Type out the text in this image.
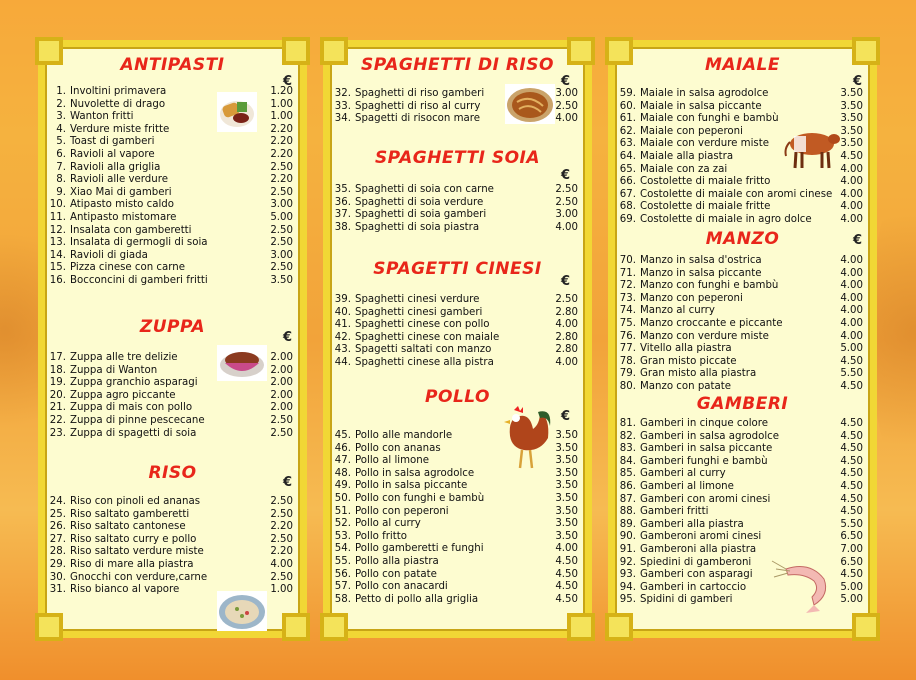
ANTIPASTI
€
1. Involtini primavera	1.20
2. Nuvolette di drago	1.00
3. Wanton fritti	1.00
4. Verdure miste fritte	2.20
5. Toast di gamberi	2.20
6. Ravioli al vapore	2.20
7. Ravioli alla griglia	2.50
8. Ravioli alle verdure	2.20
9. Xiao Mai di gamberi	2.50
10. Atipasto misto caldo	3.00
11. Antipasto mistomare	5.00
12. Insalata con gamberetti	2.50
13. Insalata di germogli di soia	2.50
14. Ravioli di giada	3.00
15. Pizza cinese con carne	2.50
16. Bocconcini di gamberi fritti	3.50
ZUPPA
€
17. Zuppa alle tre delizie	2.00
18. Zuppa di Wanton	2.00
19. Zuppa granchio asparagi	2.00
20. Zuppa agro piccante	2.00
21. Zuppa di mais con pollo	2.00
22. Zuppa di pinne pescecane	2.50
23. Zuppa di spagetti di soia	2.50
RISO	€
24. Riso con pinoli ed ananas	2.50
25. Riso saltato gamberetti	2.50
26. Riso saltato cantonese	2.20
27. Riso saltato curry e pollo	2.50
28. Riso saltato verdure miste	2.20
29. Riso di mare alla piastra	4.00
30. Gnocchi con verdure,carne	2.50
31. Riso bianco al vapore	1.00
SPAGHETTI DI RISO
€
32. Spaghetti di riso gamberi	3.00
33. Spaghetti di riso al curry	2.50
34. Spagetti di risocon mare	4.00
SPAGHETTI SOIA
€
35. Spaghetti di soia con carne	2.50
36. Spaghetti di soia verdure	2.50
37. Spaghetti di soia gamberi	3.00
38. Spaghetti di soia piastra	4.00
SPAGETTI CINESI
€
39. Spaghetti cinesi verdure	2.50
40. Spaghetti cinesi gamberi	2.80
41. Spaghetti cinese con pollo	4.00
42. Spaghetti cinese con maiale	2.80
43. Spagetti saltati con manzo	2.80
44. Spaghetti cinese alla pistra	4.00
POLLO
€
45. Pollo alle mandorle	3.50
46. Pollo con ananas	3.50
47. Pollo al limone	3.50
48. Pollo in salsa agrodolce	3.50
49. Pollo in salsa piccante	3.50
50. Pollo con funghi e bambù	3.50
51. Pollo con peperoni	3.50
52. Pollo al curry	3.50
53. Pollo fritto	3.50
54. Pollo gamberetti e funghi	4.00
55. Pollo alla piastra	4.50
56. Pollo con patate	4.50
57. Pollo con anacardi	4.50
58. Petto di pollo alla griglia	4.50
MAIALE
€
59. Maiale in salsa agrodolce	3.50
60. Maiale in salsa piccante	3.50
61. Maiale con funghi e bambù	3.50
62. Maiale con peperoni	3.50
63. Maiale con verdure miste	3.50
64. Maiale alla piastra	4.50
65. Maiale con za zai	4.00
66. Costolette di maiale fritto	4.00
67. Costolette di maiale con aromi cinese 4.00
68. Costolette di maiale fritte	4.00
69. Costolette di maiale in agro dolce	4.00
MANZO	€
70. Manzo in salsa d'ostrica	4.00
71. Manzo in salsa piccante	4.00
72. Manzo con funghi e bambù	4.00
73. Manzo con peperoni	4.00
74. Manzo al curry	4.00
75. Manzo croccante e piccante	4.00
76. Manzo con verdure miste	4.00
77. Vitello alla piastra	5.00
78. Gran misto piccate	4.50
79. Gran misto alla piastra	5.50
80. Manzo con patate	4.50
GAMBERI
81. Gamberi in cinque colore	4.50
82. Gamberi in salsa agrodolce	4.50
83. Gamberi in salsa piccante	4.50
84. Gamberi funghi e bambù	4.50
85. Gamberi al curry	4.50
86. Gamberi al limone	4.50
87. Gamberi con aromi cinesi	4.50
88. Gamberi fritti	4.50
89. Gamberi alla piastra	5.50
90. Gamberoni aromi cinesi	6.50
91. Gamberoni alla piastra	7.00
92. Spiedini di gamberoni	6.50
93. Gamberi con asparagi	4.50
94. Gamberi in cartoccio	5.00
95. Spidini di gamberi	5.00
